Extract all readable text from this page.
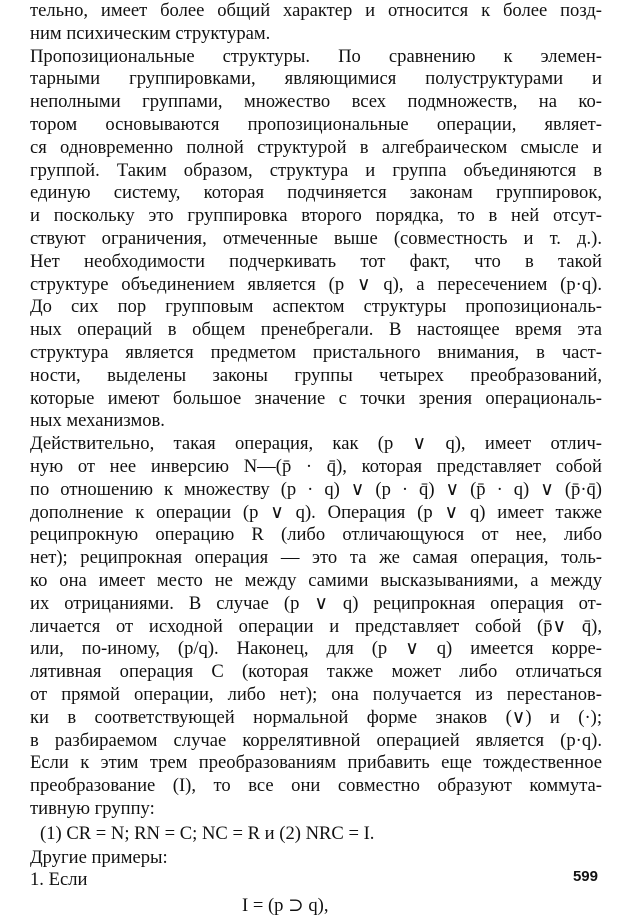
тельно, имеет более общий характер и относится к более позд-
ним психическим структурам.
Пропозициональные структуры. По сравнению к элемен-
тарными группировками, являющимися полуструктурами и
неполными группами, множество всех подмножеств, на ко-
тором основываются пропозициональные операции, являет-
ся одновременно полной структурой в алгебраическом смысле и
группой. Таким образом, структура и группа объединяются в
единую систему, которая подчиняется законам группировок,
и поскольку это группировка второго порядка, то в ней отсут-
ствуют ограничения, отмеченные выше (совместность и т. д.).
Нет необходимости подчеркивать тот факт, что в такой
структуре объединением является (p ∨ q), а пересечением (p·q).
До сих пор групповым аспектом структуры пропозициональ-
ных операций в общем пренебрегали. В настоящее время эта
структура является предметом пристального внимания, в част-
ности, выделены законы группы четырех преобразований,
которые имеют большое значение с точки зрения операциональ-
ных механизмов.
Действительно, такая операция, как (p ∨ q), имеет отлич-
ную от нее инверсию N—(p̄ · q̄), которая представляет собой
по отношению к множеству (p · q) ∨ (p · q̄) ∨ (p̄ · q) ∨ (p̄·q̄)
дополнение к операции (p ∨ q). Операция (p ∨ q) имеет также
реципрокную операцию R (либо отличающуюся от нее, либо
нет); реципрокная операция — это та же самая операция, толь-
ко она имеет место не между самими высказываниями, а между
их отрицаниями. В случае (p ∨ q) реципрокная операция от-
личается от исходной операции и представляет собой (p̄∨ q̄),
или, по-иному, (p/q). Наконец, для (p ∨ q) имеется корре-
лятивная операция C (которая также может либо отличаться
от прямой операции, либо нет); она получается из перестанов-
ки в соответствующей нормальной форме знаков (∨) и (·);
в разбираемом случае коррелятивной операцией является (p·q).
Если к этим трем преобразованиям прибавить еще тождественное
преобразование (I), то все они совместно образуют коммута-
тивную группу:
(1) CR = N; RN = C; NC = R и (2) NRC = I.
Другие примеры:
1. Если
I = (p ⊃ q),
599
